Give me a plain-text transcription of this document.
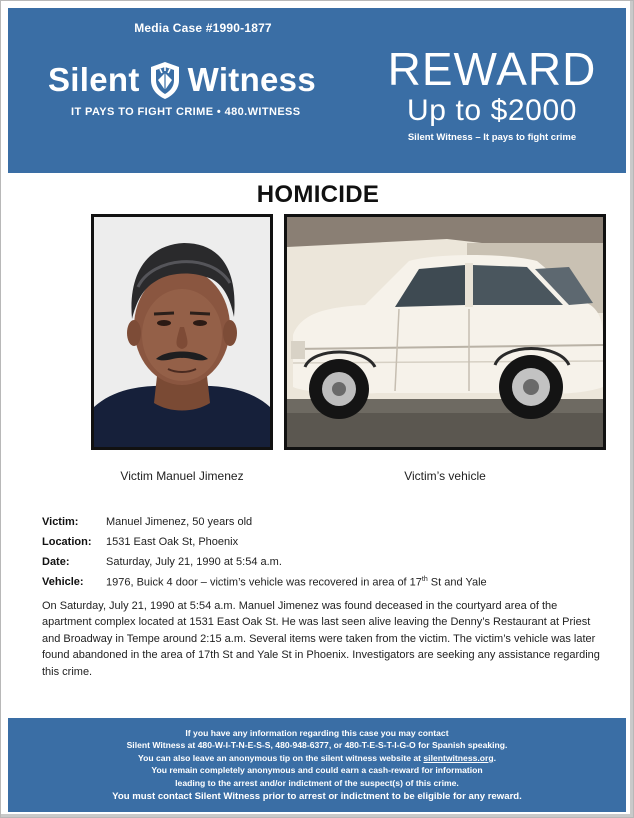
Media Case #1990-1877
Silent Witness
IT PAYS TO FIGHT CRIME • 480.WITNESS
REWARD
Up to $2000
Silent Witness – It pays to fight crime
HOMICIDE
Victim Manuel Jimenez	Victim’s vehicle
Victim:	Manuel Jimenez, 50 years old
Location:	1531 East Oak St, Phoenix
Date:	Saturday, July 21, 1990 at 5:54 a.m.
Vehicle:	1976, Buick 4 door – victim’s vehicle was recovered in area of 17th St and Yale
On Saturday, July 21, 1990 at 5:54 a.m. Manuel Jimenez was found deceased in the courtyard area of the apartment complex located at 1531 East Oak St. He was last seen alive leaving the Denny’s Restaurant at Priest and Broadway in Tempe around 2:15 a.m. Several items were taken from the victim. The victim’s vehicle was later found abandoned in the area of 17th St and Yale St in Phoenix. Investigators are seeking any assistance regarding this crime.
If you have any information regarding this case you may contact
Silent Witness at 480-W-I-T-N-E-S-S, 480-948-6377, or 480-T-E-S-T-I-G-O for Spanish speaking.
You can also leave an anonymous tip on the silent witness website at silentwitness.org.
You remain completely anonymous and could earn a cash-reward for information
leading to the arrest and/or indictment of the suspect(s) of this crime.
You must contact Silent Witness prior to arrest or indictment to be eligible for any reward.
